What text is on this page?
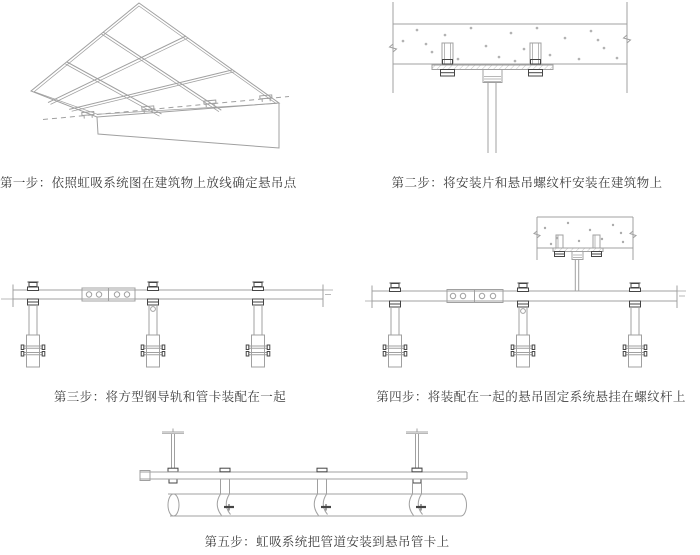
第一步：依照虹吸系统图在建筑物上放线确定悬吊点	第二步：将安装片和悬吊螺纹杆安装在建筑物上
第三步：将方型钢导轨和管卡装配在一起	第四步：将装配在一起的悬吊固定系统悬挂在螺纹杆上
第五步：虹吸系统把管道安装到悬吊管卡上
